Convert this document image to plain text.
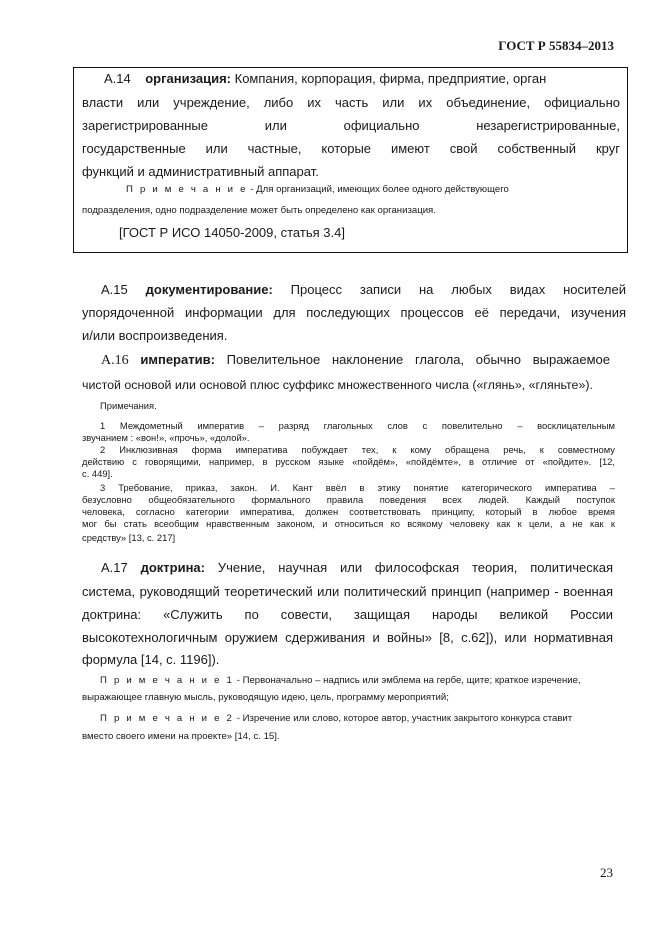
ГОСТ Р 55834–2013
А.14 организация: Компания, корпорация, фирма, предприятие, орган
власти или учреждение, либо их часть или их объединение, официально
зарегистрированные	или	официально	незарегистрированные,
государственные или частные, которые имеют свой собственный круг
функций и административный аппарат.
П р и м е ч а н и е - Для организаций, имеющих более одного действующего
подразделения, одно подразделение может быть определено как организация.
[ГОСТ Р ИСО 14050-2009, статья 3.4]
А.15 документирование: Процесс записи на любых видах носителей
упорядоченной информации для последующих процессов её передачи, изучения
и/или воспроизведения.
А.16 императив: Повелительное наклонение глагола, обычно выражаемое
чистой основой или основой плюс суффикс множественного числа («глянь», «гляньте»).
Примечания.
1 Междометный императив – разряд глагольных слов с повелительно – восклицательным
звучанием : «вон!», «прочь», «долой».
2 Инклюзивная форма императива побуждает тех, к кому обращена речь, к совместному
действию с говорящими, например, в русском языке «пойдём», «пойдёмте», в отличие от «пойдите». [12,
с. 449].
3 Требование, приказ, закон. И. Кант ввёл в этику понятие категорического императива –
безусловно общеобязательного формального правила поведения всех людей. Каждый поступок
человека, согласно категории императива, должен соответствовать принципу, который в любое время
мог бы стать всеобщим нравственным законом, и относиться ко всякому человеку как к цели, а не как к
средству» [13, с. 217]
А.17 доктрина: Учение, научная или философская теория, политическая
система, руководящий теоретический или политический принцип (например - военная
доктрина: «Служить по совести, защищая народы великой России
высокотехнологичным оружием сдерживания и войны» [8, с.62]), или нормативная
формула [14, с. 1196]).
П р и м е ч а н и е 1 - Первоначально – надпись или эмблема на гербе, щите; краткое изречение,
выражающее главную мысль, руководящую идею, цель, программу мероприятий;
П р и м е ч а н и е 2 - Изречение или слово, которое автор, участник закрытого конкурса ставит
вместо своего имени на проекте» [14, с. 15].
23
